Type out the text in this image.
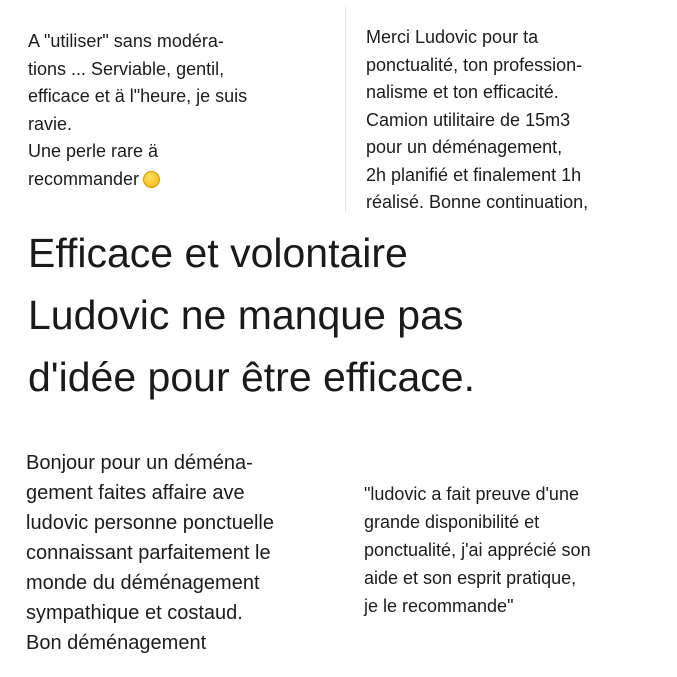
A "utiliser" sans modéra-
tions ... Serviable, gentil,
efficace et ä l"heure, je suis
ravie.
Une perle rare ä
recommander
Merci Ludovic pour ta
ponctualité, ton profession-
nalisme et ton efficacité.
Camion utilitaire de 15m3
pour un déménagement,
2h planifié et finalement 1h
réalisé. Bonne continuation,
Efficace et volontaire
Ludovic ne manque pas
d'idée pour être efficace.
Bonjour pour un déména-
gement faites affaire ave
ludovic personne ponctuelle
connaissant parfaitement le
monde du déménagement
sympathique et costaud.
Bon déménagement
"ludovic a fait preuve d'une
grande disponibilité et
ponctualité, j'ai apprécié son
aide et son esprit pratique,
je le recommande"
